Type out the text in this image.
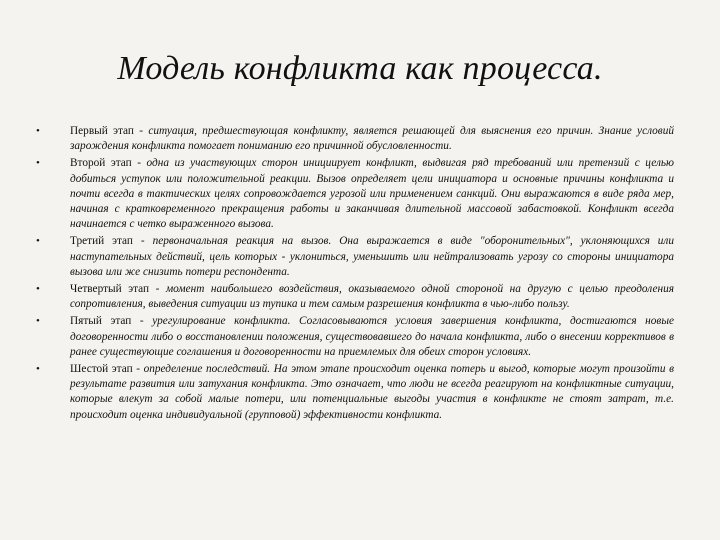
Модель конфликта как процесса.
•	Первый этап - ситуация, предшествующая конфликту, является решающей для выяснения его причин. Знание условий зарождения конфликта помогает пониманию его причинной обусловленности.
•	Второй этап - одна из участвующих сторон инициирует конфликт, выдвигая ряд требований или претензий с целью добиться уступок или положительной реакции. Вызов определяет цели инициатора и основные причины конфликта и почти всегда в тактических целях сопровождается угрозой или применением санкций. Они выражаются в виде ряда мер, начиная с кратковременного прекращения работы и заканчивая длительной массовой забастовкой. Конфликт всегда начинается с четко выраженного вызова.
•	Третий этап - первоначальная реакция на вызов. Она выражается в виде "оборонительных", уклоняющихся или наступательных действий, цель которых - уклониться, уменьшить или нейтрализовать угрозу со стороны инициатора вызова или же снизить потери респондента.
•	Четвертый этап - момент наибольшего воздействия, оказываемого одной стороной на другую с целью преодоления сопротивления, выведения ситуации из тупика и тем самым разрешения конфликта в чью-либо пользу.
•	Пятый этап - урегулирование конфликта. Согласовываются условия завершения конфликта, достигаются новые договоренности либо о восстановлении положения, существовавшего до начала конфликта, либо о внесении коррективов в ранее существующие соглашения и договоренности на приемлемых для обеих сторон условиях.
•	Шестой этап - определение последствий. На этом этапе происходит оценка потерь и выгод, которые могут произойти в результате развития или затухания конфликта. Это означает, что люди не всегда реагируют на конфликтные ситуации, которые влекут за собой малые потери, или потенциальные выгоды участия в конфликте не стоят затрат, т.е. происходит оценка индивидуальной (групповой) эффективности конфликта.
